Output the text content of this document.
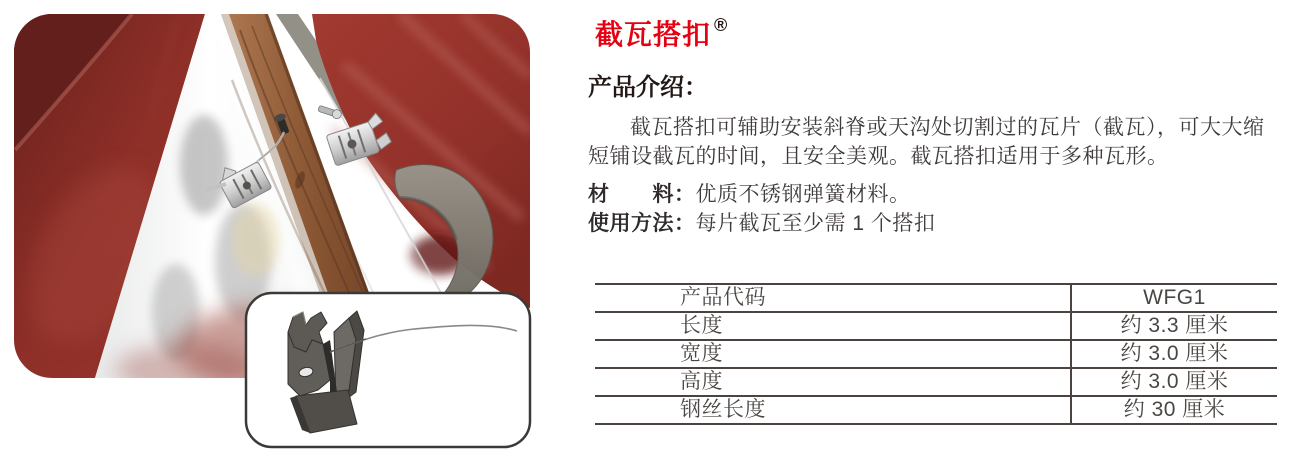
截瓦搭扣 ®
产品介绍：

截瓦搭扣可辅助安装斜脊或天沟处切割过的瓦片（截瓦），可大大缩

短铺设截瓦的时间，且安全美观。截瓦搭扣适用于多种瓦形。

材　　料：优质不锈钢弹簧材料。

使用方法：每片截瓦至少需 1 个搭扣

产品代码	WFG1
长度	约 3.3 厘米
宽度	约 3.0 厘米
高度	约 3.0 厘米
钢丝长度	约 30 厘米
